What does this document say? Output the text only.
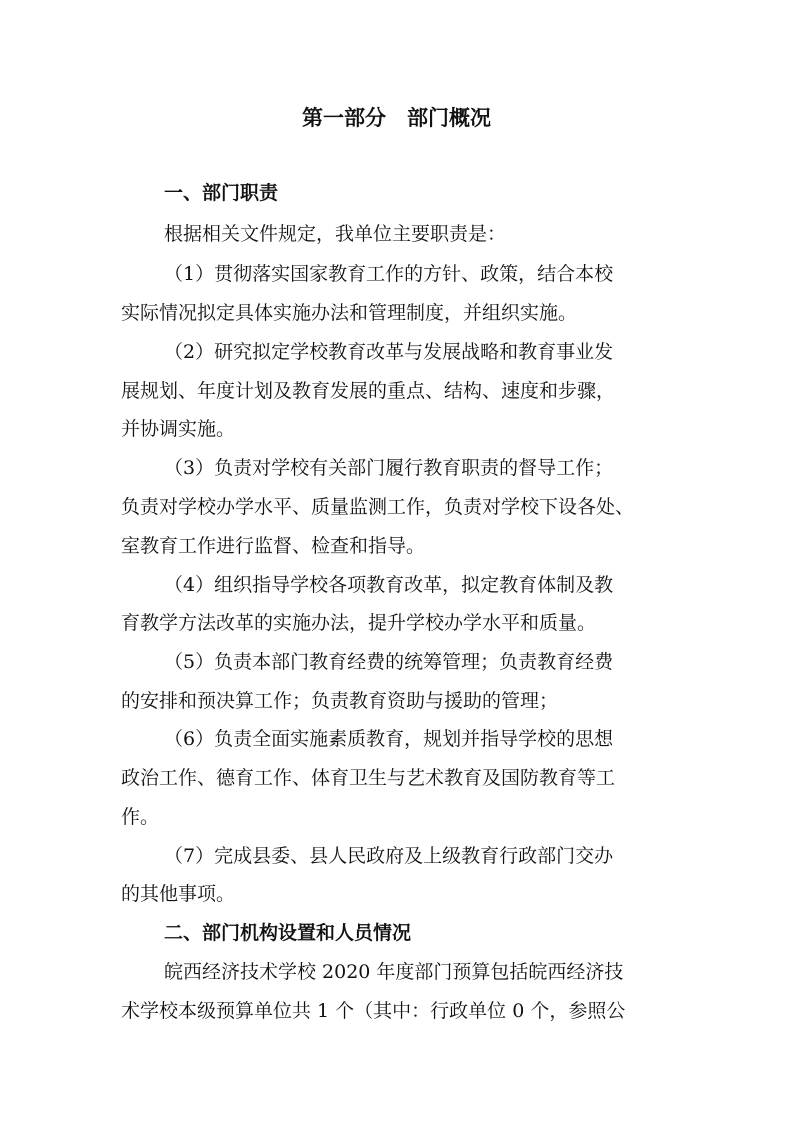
第一部分　部门概况
一、部门职责
根据相关文件规定，我单位主要职责是：
（1）贯彻落实国家教育工作的方针、政策，结合本校
实际情况拟定具体实施办法和管理制度，并组织实施。
（2）研究拟定学校教育改革与发展战略和教育事业发
展规划、年度计划及教育发展的重点、结构、速度和步骤，
并协调实施。
（3）负责对学校有关部门履行教育职责的督导工作；
负责对学校办学水平、质量监测工作，负责对学校下设各处、
室教育工作进行监督、检查和指导。
（4）组织指导学校各项教育改革，拟定教育体制及教
育教学方法改革的实施办法，提升学校办学水平和质量。
（5）负责本部门教育经费的统筹管理；负责教育经费
的安排和预决算工作；负责教育资助与援助的管理；
（6）负责全面实施素质教育，规划并指导学校的思想
政治工作、德育工作、体育卫生与艺术教育及国防教育等工
作。
（7）完成县委、县人民政府及上级教育行政部门交办
的其他事项。
二、部门机构设置和人员情况
皖西经济技术学校 2020 年度部门预算包括皖西经济技
术学校本级预算单位共 1 个（其中：行政单位 0 个，参照公
